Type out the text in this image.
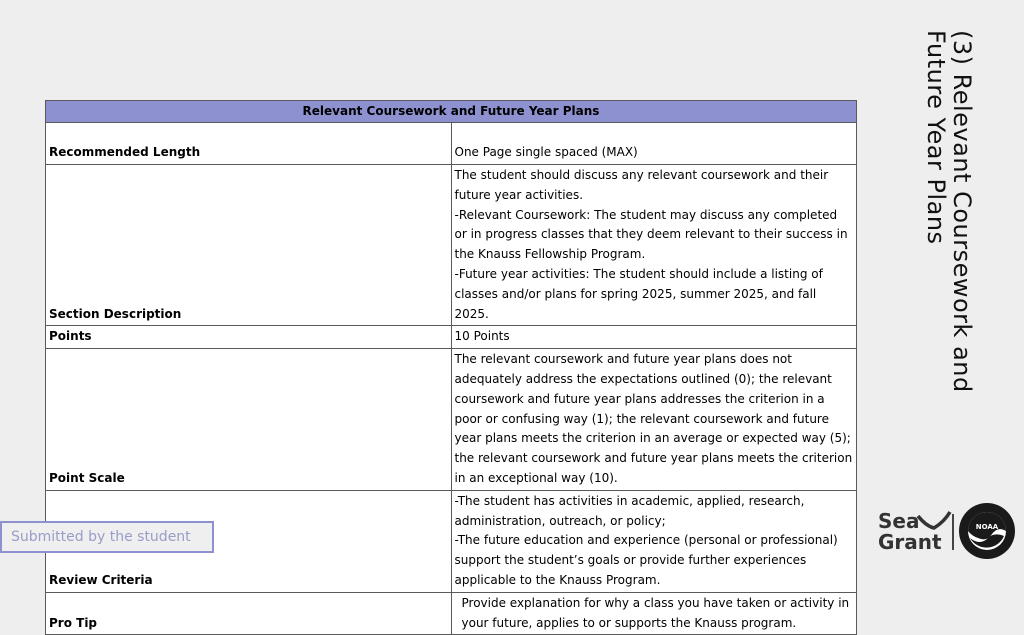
(3) Relevant Coursework and
Future Year Plans
Relevant Coursework and Future Year Plans	
Recommended Length	One Page single spaced (MAX)

Section Description	The student should discuss any relevant coursework and their future year activities.
-Relevant Coursework: The student may discuss any completed or in progress classes that they deem relevant to their success in the Knauss Fellowship Program.
-Future year activities: The student should include a listing of classes and/or plans for spring 2025, summer 2025, and fall 2025.

Points	10 Points

Point Scale	The relevant coursework and future year plans does not adequately address the expectations outlined (0); the relevant coursework and future year plans addresses the criterion in a poor or confusing way (1); the relevant coursework and future year plans meets the criterion in an average or expected way (5); the relevant coursework and future year plans meets the criterion in an exceptional way (10).

Review Criteria	-The student has activities in academic, applied, research, administration, outreach, or policy;
-The future education and experience (personal or professional) support the student’s goals or provide further experiences applicable to the Knauss Program.

Pro Tip	Provide explanation for why a class you have taken or activity in your future, applies to or supports the Knauss program.
Submitted by the student
Sea
Grant
NOAA
